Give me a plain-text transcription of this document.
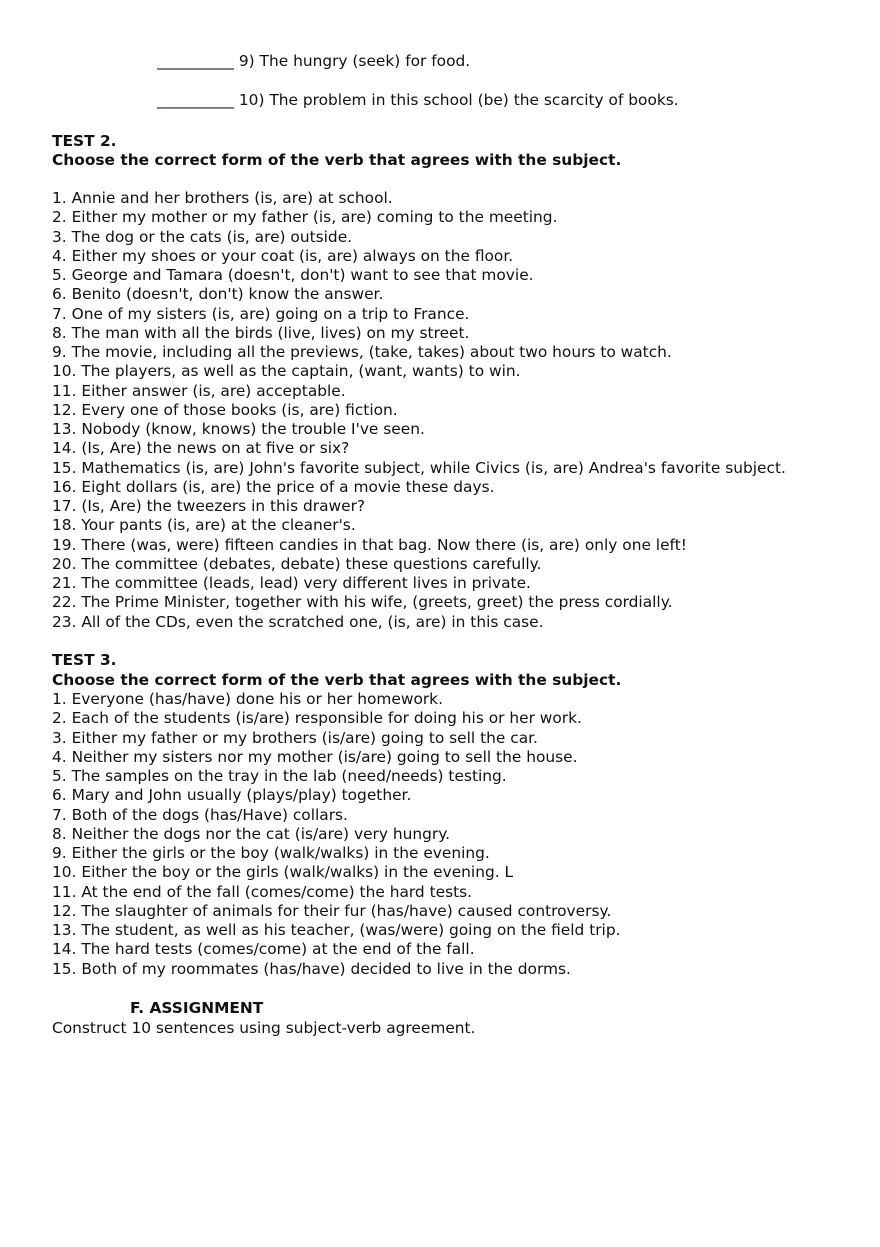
__________ 9) The hungry (seek) for food.
__________ 10) The problem in this school (be) the scarcity of books.
TEST 2.
Choose the correct form of the verb that agrees with the subject.
1. Annie and her brothers (is, are) at school.
2. Either my mother or my father (is, are) coming to the meeting.
3. The dog or the cats (is, are) outside.
4. Either my shoes or your coat (is, are) always on the floor.
5. George and Tamara (doesn't, don't) want to see that movie.
6. Benito (doesn't, don't) know the answer.
7. One of my sisters (is, are) going on a trip to France.
8. The man with all the birds (live, lives) on my street.
9. The movie, including all the previews, (take, takes) about two hours to watch.
10. The players, as well as the captain, (want, wants) to win.
11. Either answer (is, are) acceptable.
12. Every one of those books (is, are) fiction.
13. Nobody (know, knows) the trouble I've seen.
14. (Is, Are) the news on at five or six?
15. Mathematics (is, are) John's favorite subject, while Civics (is, are) Andrea's favorite subject.
16. Eight dollars (is, are) the price of a movie these days.
17. (Is, Are) the tweezers in this drawer?
18. Your pants (is, are) at the cleaner's.
19. There (was, were) fifteen candies in that bag. Now there (is, are) only one left!
20. The committee (debates, debate) these questions carefully.
21. The committee (leads, lead) very different lives in private.
22. The Prime Minister, together with his wife, (greets, greet) the press cordially.
23. All of the CDs, even the scratched one, (is, are) in this case.
TEST 3.
Choose the correct form of the verb that agrees with the subject.
1. Everyone (has/have) done his or her homework.
2. Each of the students (is/are) responsible for doing his or her work.
3. Either my father or my brothers (is/are) going to sell the car.
4. Neither my sisters nor my mother (is/are) going to sell the house.
5. The samples on the tray in the lab (need/needs) testing.
6. Mary and John usually (plays/play) together.
7. Both of the dogs (has/Have) collars.
8. Neither the dogs nor the cat (is/are) very hungry.
9. Either the girls or the boy (walk/walks) in the evening.
10. Either the boy or the girls (walk/walks) in the evening. L
11. At the end of the fall (comes/come) the hard tests.
12. The slaughter of animals for their fur (has/have) caused controversy.
13. The student, as well as his teacher, (was/were) going on the field trip.
14. The hard tests (comes/come) at the end of the fall.
15. Both of my roommates (has/have) decided to live in the dorms.
F. ASSIGNMENT
Construct 10 sentences using subject-verb agreement.
